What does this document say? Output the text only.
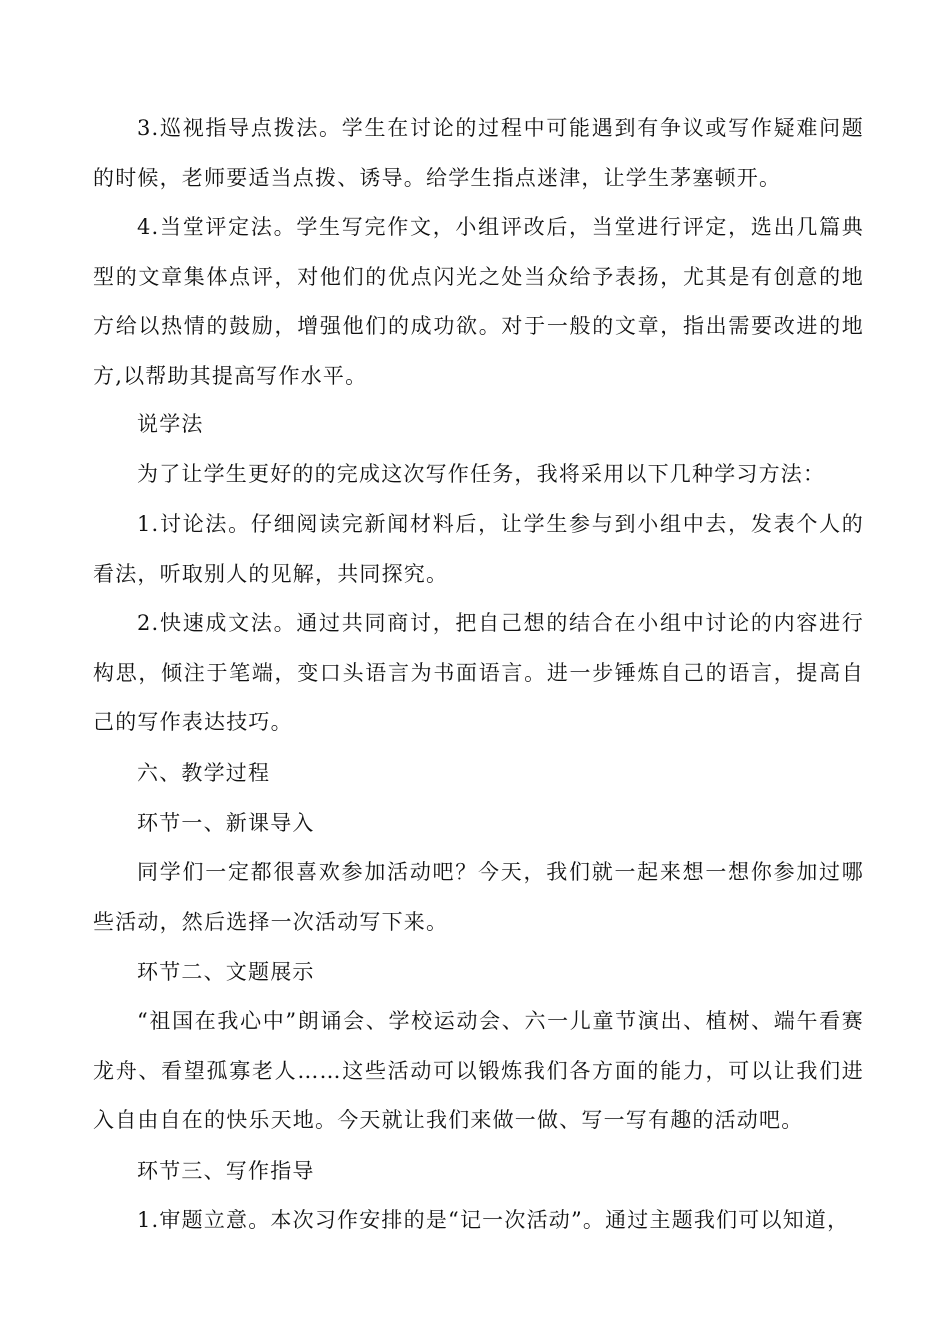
3.巡视指导点拨法。学生在讨论的过程中可能遇到有争议或写作疑难问题的时候，老师要适当点拨、诱导。给学生指点迷津，让学生茅塞顿开。

4.当堂评定法。学生写完作文，小组评改后，当堂进行评定，选出几篇典型的文章集体点评，对他们的优点闪光之处当众给予表扬，尤其是有创意的地方给以热情的鼓励，增强他们的成功欲。对于一般的文章，指出需要改进的地方,以帮助其提高写作水平。

说学法

为了让学生更好的的完成这次写作任务，我将采用以下几种学习方法：

1.讨论法。仔细阅读完新闻材料后，让学生参与到小组中去，发表个人的看法，听取别人的见解，共同探究。

2.快速成文法。通过共同商讨，把自己想的结合在小组中讨论的内容进行构思，倾注于笔端，变口头语言为书面语言。进一步锤炼自己的语言，提高自己的写作表达技巧。

六、教学过程

环节一、新课导入

同学们一定都很喜欢参加活动吧？今天，我们就一起来想一想你参加过哪些活动，然后选择一次活动写下来。

环节二、文题展示

“祖国在我心中”朗诵会、学校运动会、六一儿童节演出、植树、端午看赛龙舟、看望孤寡老人……这些活动可以锻炼我们各方面的能力，可以让我们进入自由自在的快乐天地。今天就让我们来做一做、写一写有趣的活动吧。

环节三、写作指导

1.审题立意。本次习作安排的是“记一次活动”。通过主题我们可以知道，
